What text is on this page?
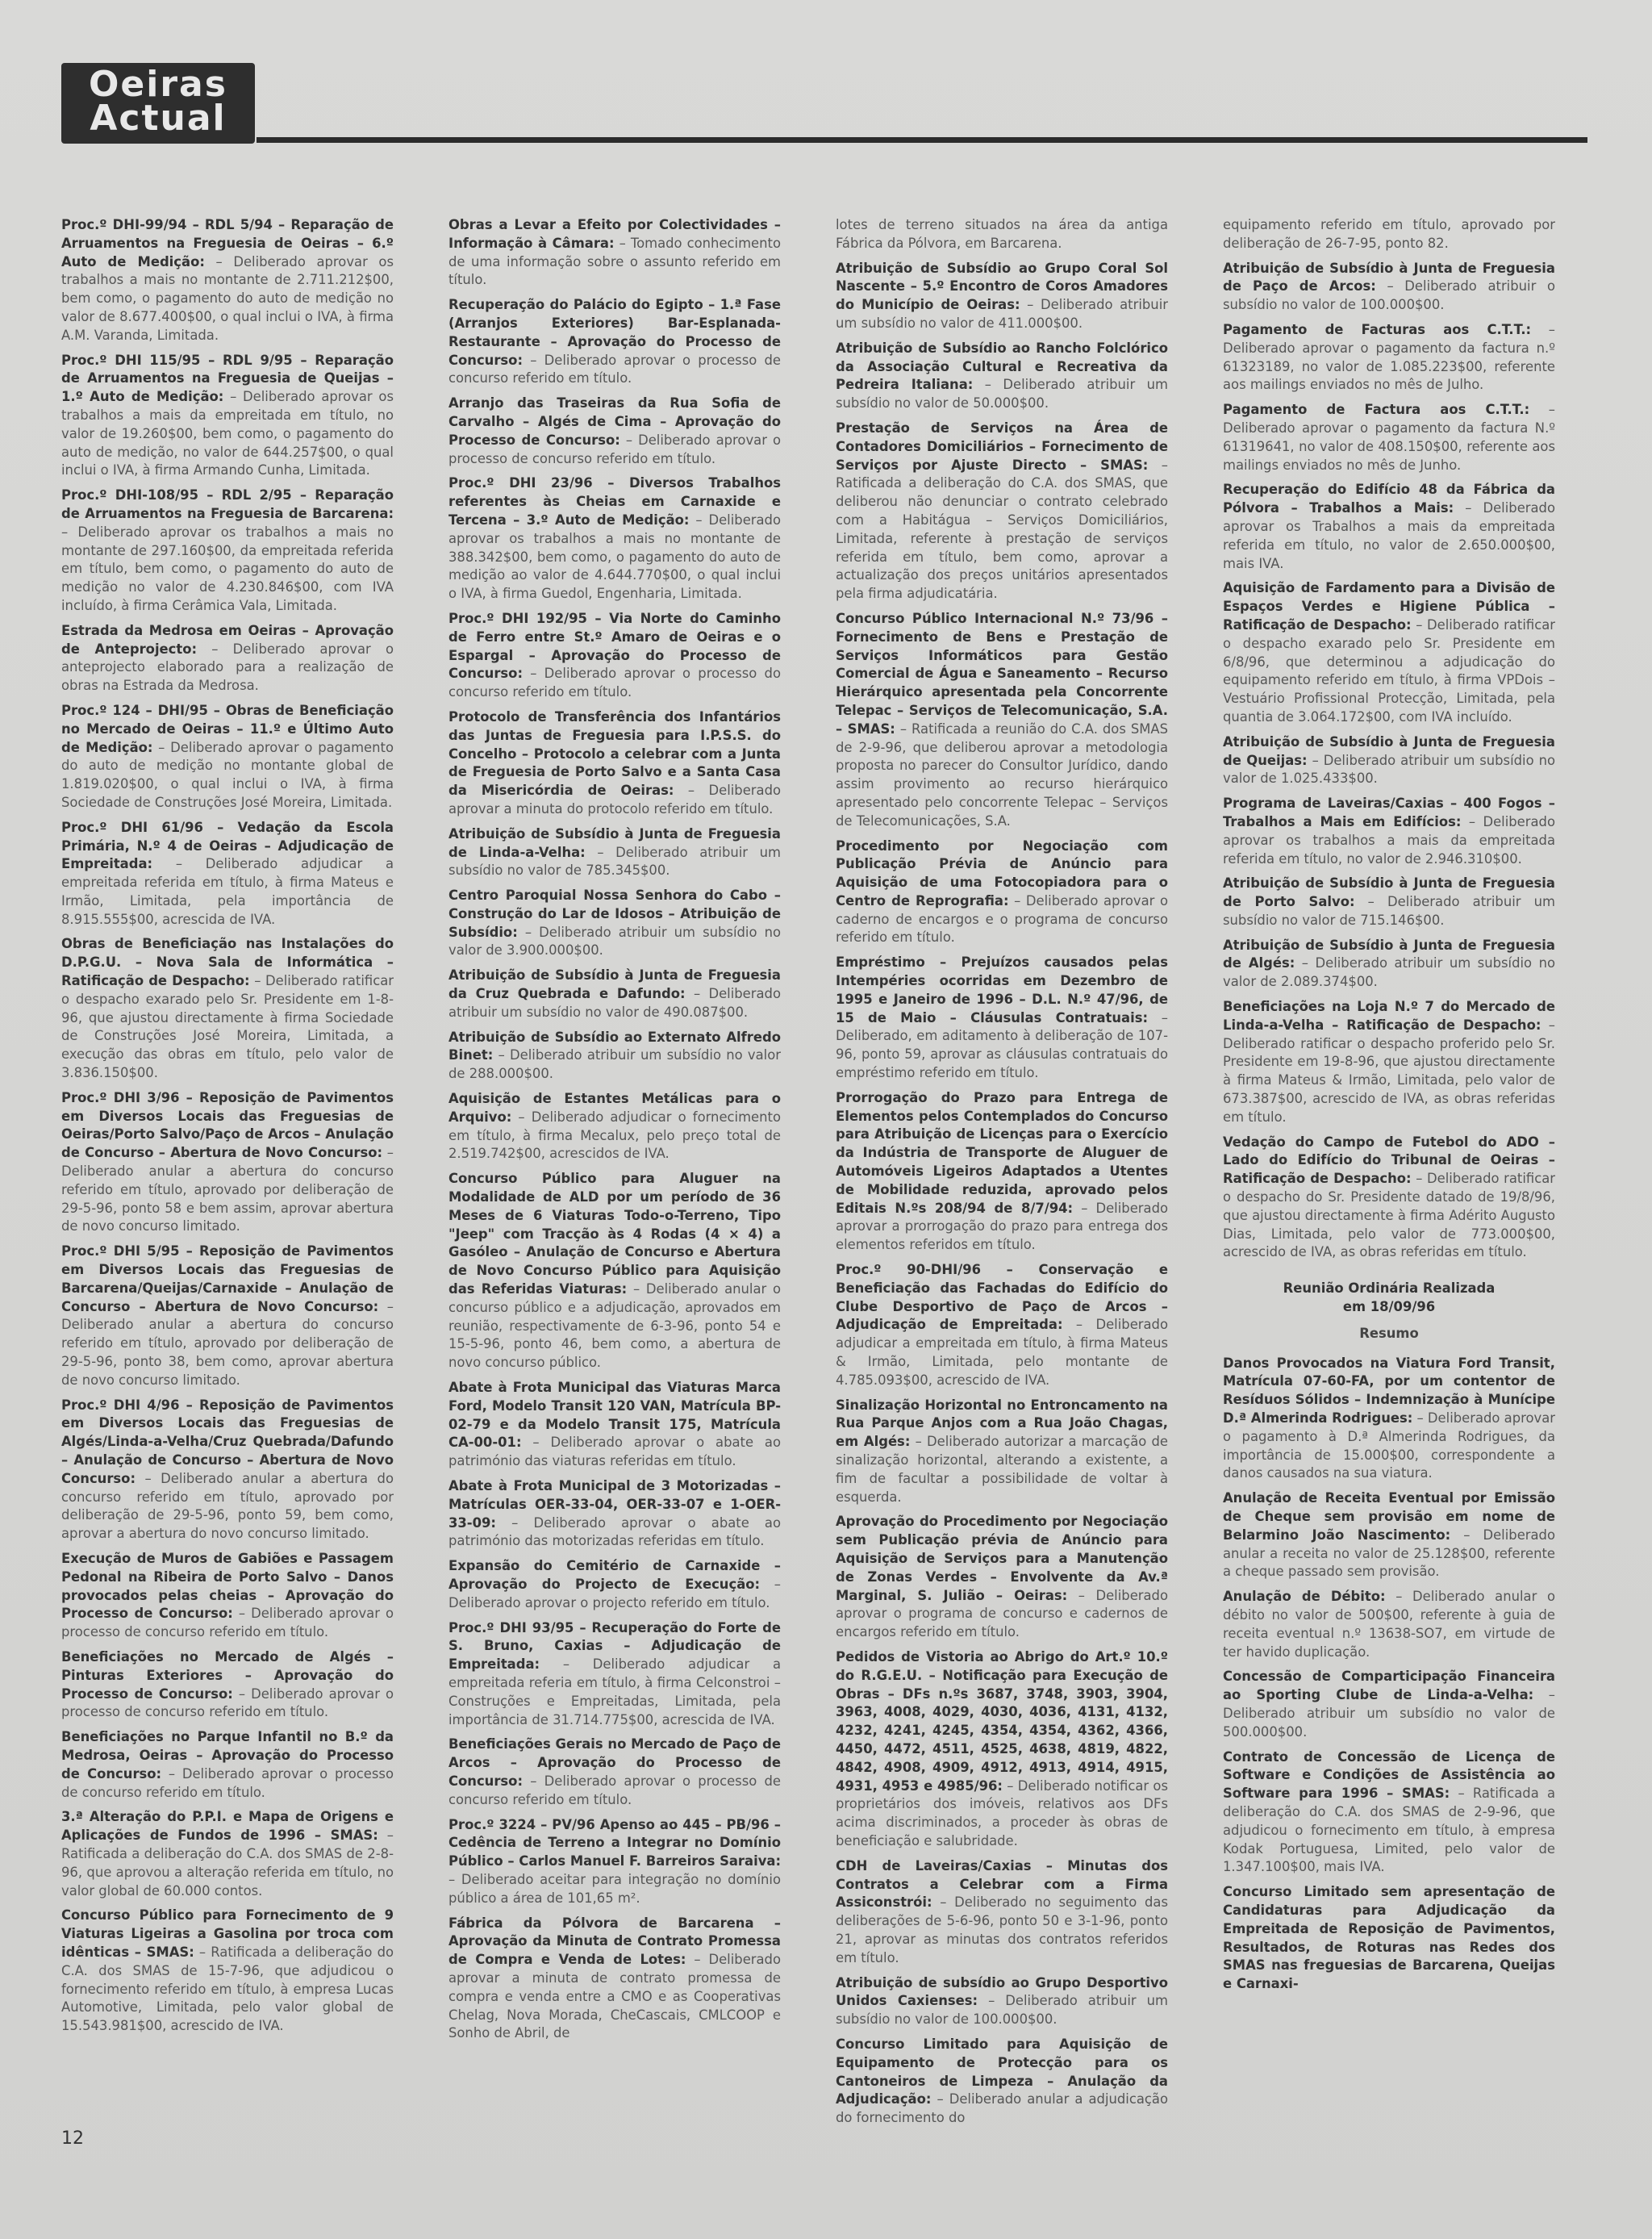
Oeiras
Actual

Proc.º DHI-99/94 – RDL 5/94 – Reparação de Arruamentos na Freguesia de Oeiras – 6.º Auto de Medição: – Deliberado aprovar os trabalhos a mais no montante de 2.711.212$00, bem como, o pagamento do auto de medição no valor de 8.677.400$00, o qual inclui o IVA, à firma A.M. Varanda, Limitada.

Proc.º DHI 115/95 – RDL 9/95 – Reparação de Arruamentos na Freguesia de Queijas – 1.º Auto de Medição: – Deliberado aprovar os trabalhos a mais da empreitada em título, no valor de 19.260$00, bem como, o pagamento do auto de medição, no valor de 644.257$00, o qual inclui o IVA, à firma Armando Cunha, Limitada.

Proc.º DHI-108/95 – RDL 2/95 – Reparação de Arruamentos na Freguesia de Barcarena: – Deliberado aprovar os trabalhos a mais no montante de 297.160$00, da empreitada referida em título, bem como, o pagamento do auto de medição no valor de 4.230.846$00, com IVA incluído, à firma Cerâmica Vala, Limitada.

Estrada da Medrosa em Oeiras – Aprovação de Anteprojecto: – Deliberado aprovar o anteprojecto elaborado para a realização de obras na Estrada da Medrosa.

Proc.º 124 – DHI/95 – Obras de Beneficiação no Mercado de Oeiras – 11.º e Último Auto de Medição: – Deliberado aprovar o pagamento do auto de medição no montante global de 1.819.020$00, o qual inclui o IVA, à firma Sociedade de Construções José Moreira, Limitada.

Proc.º DHI 61/96 – Vedação da Escola Primária, N.º 4 de Oeiras – Adjudicação de Empreitada: – Deliberado adjudicar a empreitada referida em título, à firma Mateus e Irmão, Limitada, pela importância de 8.915.555$00, acrescida de IVA.

Obras de Beneficiação nas Instalações do D.P.G.U. – Nova Sala de Informática – Ratificação de Despacho: – Deliberado ratificar o despacho exarado pelo Sr. Presidente em 1-8-96, que ajustou directamente à firma Sociedade de Construções José Moreira, Limitada, a execução das obras em título, pelo valor de 3.836.150$00.

Proc.º DHI 3/96 – Reposição de Pavimentos em Diversos Locais das Freguesias de Oeiras/Porto Salvo/Paço de Arcos – Anulação de Concurso – Abertura de Novo Concurso: – Deliberado anular a abertura do concurso referido em título, aprovado por deliberação de 29-5-96, ponto 58 e bem assim, aprovar abertura de novo concurso limitado.

Proc.º DHI 5/95 – Reposição de Pavimentos em Diversos Locais das Freguesias de Barcarena/Queijas/Carnaxide – Anulação de Concurso – Abertura de Novo Concurso: – Deliberado anular a abertura do concurso referido em título, aprovado por deliberação de 29-5-96, ponto 38, bem como, aprovar abertura de novo concurso limitado.

Proc.º DHI 4/96 – Reposição de Pavimentos em Diversos Locais das Freguesias de Algés/Linda-a-Velha/Cruz Quebrada/Dafundo – Anulação de Concurso – Abertura de Novo Concurso: – Deliberado anular a abertura do concurso referido em título, aprovado por deliberação de 29-5-96, ponto 59, bem como, aprovar a abertura do novo concurso limitado.

Execução de Muros de Gabiões e Passagem Pedonal na Ribeira de Porto Salvo – Danos provocados pelas cheias – Aprovação do Processo de Concurso: – Deliberado aprovar o processo de concurso referido em título.

Beneficiações no Mercado de Algés – Pinturas Exteriores – Aprovação do Processo de Concurso: – Deliberado aprovar o processo de concurso referido em título.

Beneficiações no Parque Infantil no B.º da Medrosa, Oeiras – Aprovação do Processo de Concurso: – Deliberado aprovar o processo de concurso referido em título.

3.ª Alteração do P.P.I. e Mapa de Origens e Aplicações de Fundos de 1996 – SMAS: – Ratificada a deliberação do C.A. dos SMAS de 2-8-96, que aprovou a alteração referida em título, no valor global de 60.000 contos.

Concurso Público para Fornecimento de 9 Viaturas Ligeiras a Gasolina por troca com idênticas – SMAS: – Ratificada a deliberação do C.A. dos SMAS de 15-7-96, que adjudicou o fornecimento referido em título, à empresa Lucas Automotive, Limitada, pelo valor global de 15.543.981$00, acrescido de IVA.

Obras a Levar a Efeito por Colectividades – Informação à Câmara: – Tomado conhecimento de uma informação sobre o assunto referido em título.

Recuperação do Palácio do Egipto – 1.ª Fase (Arranjos Exteriores) Bar-Esplanada-Restaurante – Aprovação do Processo de Concurso: – Deliberado aprovar o processo de concurso referido em título.

Arranjo das Traseiras da Rua Sofia de Carvalho – Algés de Cima – Aprovação do Processo de Concurso: – Deliberado aprovar o processo de concurso referido em título.

Proc.º DHI 23/96 – Diversos Trabalhos referentes às Cheias em Carnaxide e Tercena – 3.º Auto de Medição: – Deliberado aprovar os trabalhos a mais no montante de 388.342$00, bem como, o pagamento do auto de medição ao valor de 4.644.770$00, o qual inclui o IVA, à firma Guedol, Engenharia, Limitada.

Proc.º DHI 192/95 – Via Norte do Caminho de Ferro entre St.º Amaro de Oeiras e o Espargal – Aprovação do Processo de Concurso: – Deliberado aprovar o processo do concurso referido em título.

Protocolo de Transferência dos Infantários das Juntas de Freguesia para I.P.S.S. do Concelho – Protocolo a celebrar com a Junta de Freguesia de Porto Salvo e a Santa Casa da Misericórdia de Oeiras: – Deliberado aprovar a minuta do protocolo referido em título.

Atribuição de Subsídio à Junta de Freguesia de Linda-a-Velha: – Deliberado atribuir um subsídio no valor de 785.345$00.

Centro Paroquial Nossa Senhora do Cabo – Construção do Lar de Idosos – Atribuição de Subsídio: – Deliberado atribuir um subsídio no valor de 3.900.000$00.

Atribuição de Subsídio à Junta de Freguesia da Cruz Quebrada e Dafundo: – Deliberado atribuir um subsídio no valor de 490.087$00.

Atribuição de Subsídio ao Externato Alfredo Binet: – Deliberado atribuir um subsídio no valor de 288.000$00.

Aquisição de Estantes Metálicas para o Arquivo: – Deliberado adjudicar o fornecimento em título, à firma Mecalux, pelo preço total de 2.519.742$00, acrescidos de IVA.

Concurso Público para Aluguer na Modalidade de ALD por um período de 36 Meses de 6 Viaturas Todo-o-Terreno, Tipo "Jeep" com Tracção às 4 Rodas (4 × 4) a Gasóleo – Anulação de Concurso e Abertura de Novo Concurso Público para Aquisição das Referidas Viaturas: – Deliberado anular o concurso público e a adjudicação, aprovados em reunião, respectivamente de 6-3-96, ponto 54 e 15-5-96, ponto 46, bem como, a abertura de novo concurso público.

Abate à Frota Municipal das Viaturas Marca Ford, Modelo Transit 120 VAN, Matrícula BP-02-79 e da Modelo Transit 175, Matrícula CA-00-01: – Deliberado aprovar o abate ao património das viaturas referidas em título.

Abate à Frota Municipal de 3 Motorizadas – Matrículas OER-33-04, OER-33-07 e 1-OER-33-09: – Deliberado aprovar o abate ao património das motorizadas referidas em título.

Expansão do Cemitério de Carnaxide – Aprovação do Projecto de Execução: – Deliberado aprovar o projecto referido em título.

Proc.º DHI 93/95 – Recuperação do Forte de S. Bruno, Caxias – Adjudicação de Empreitada: – Deliberado adjudicar a empreitada referia em título, à firma Celconstroi – Construções e Empreitadas, Limitada, pela importância de 31.714.775$00, acrescida de IVA.

Beneficiações Gerais no Mercado de Paço de Arcos – Aprovação do Processo de Concurso: – Deliberado aprovar o processo de concurso referido em título.

Proc.º 3224 – PV/96 Apenso ao 445 – PB/96 – Cedência de Terreno a Integrar no Domínio Público – Carlos Manuel F. Barreiros Saraiva: – Deliberado aceitar para integração no domínio público a área de 101,65 m².

Fábrica da Pólvora de Barcarena – Aprovação da Minuta de Contrato Promessa de Compra e Venda de Lotes: – Deliberado aprovar a minuta de contrato promessa de compra e venda entre a CMO e as Cooperativas Chelag, Nova Morada, CheCascais, CMLCOOP e Sonho de Abril, de

lotes de terreno situados na área da antiga Fábrica da Pólvora, em Barcarena.

Atribuição de Subsídio ao Grupo Coral Sol Nascente – 5.º Encontro de Coros Amadores do Município de Oeiras: – Deliberado atribuir um subsídio no valor de 411.000$00.

Atribuição de Subsídio ao Rancho Folclórico da Associação Cultural e Recreativa da Pedreira Italiana: – Deliberado atribuir um subsídio no valor de 50.000$00.

Prestação de Serviços na Área de Contadores Domiciliários – Fornecimento de Serviços por Ajuste Directo – SMAS: – Ratificada a deliberação do C.A. dos SMAS, que deliberou não denunciar o contrato celebrado com a Habitágua – Serviços Domiciliários, Limitada, referente à prestação de serviços referida em título, bem como, aprovar a actualização dos preços unitários apresentados pela firma adjudicatária.

Concurso Público Internacional N.º 73/96 – Fornecimento de Bens e Prestação de Serviços Informáticos para Gestão Comercial de Água e Saneamento – Recurso Hierárquico apresentada pela Concorrente Telepac – Serviços de Telecomunicação, S.A. – SMAS: – Ratificada a reunião do C.A. dos SMAS de 2-9-96, que deliberou aprovar a metodologia proposta no parecer do Consultor Jurídico, dando assim provimento ao recurso hierárquico apresentado pelo concorrente Telepac – Serviços de Telecomunicações, S.A.

Procedimento por Negociação com Publicação Prévia de Anúncio para Aquisição de uma Fotocopiadora para o Centro de Reprografia: – Deliberado aprovar o caderno de encargos e o programa de concurso referido em título.

Empréstimo – Prejuízos causados pelas Intempéries ocorridas em Dezembro de 1995 e Janeiro de 1996 – D.L. N.º 47/96, de 15 de Maio – Cláusulas Contratuais: – Deliberado, em aditamento à deliberação de 107-96, ponto 59, aprovar as cláusulas contratuais do empréstimo referido em título.

Prorrogação do Prazo para Entrega de Elementos pelos Contemplados do Concurso para Atribuição de Licenças para o Exercício da Indústria de Transporte de Aluguer de Automóveis Ligeiros Adaptados a Utentes de Mobilidade reduzida, aprovado pelos Editais N.ºs 208/94 de 8/7/94: – Deliberado aprovar a prorrogação do prazo para entrega dos elementos referidos em título.

Proc.º 90-DHI/96 – Conservação e Beneficiação das Fachadas do Edifício do Clube Desportivo de Paço de Arcos – Adjudicação de Empreitada: – Deliberado adjudicar a empreitada em título, à firma Mateus & Irmão, Limitada, pelo montante de 4.785.093$00, acrescido de IVA.

Sinalização Horizontal no Entroncamento na Rua Parque Anjos com a Rua João Chagas, em Algés: – Deliberado autorizar a marcação de sinalização horizontal, alterando a existente, a fim de facultar a possibilidade de voltar à esquerda.

Aprovação do Procedimento por Negociação sem Publicação prévia de Anúncio para Aquisição de Serviços para a Manutenção de Zonas Verdes – Envolvente da Av.ª Marginal, S. Julião – Oeiras: – Deliberado aprovar o programa de concurso e cadernos de encargos referido em título.

Pedidos de Vistoria ao Abrigo do Art.º 10.º do R.G.E.U. – Notificação para Execução de Obras – DFs n.ºs 3687, 3748, 3903, 3904, 3963, 4008, 4029, 4030, 4036, 4131, 4132, 4232, 4241, 4245, 4354, 4354, 4362, 4366, 4450, 4472, 4511, 4525, 4638, 4819, 4822, 4842, 4908, 4909, 4912, 4913, 4914, 4915, 4931, 4953 e 4985/96: – Deliberado notificar os proprietários dos imóveis, relativos aos DFs acima discriminados, a proceder às obras de beneficiação e salubridade.

CDH de Laveiras/Caxias – Minutas dos Contratos a Celebrar com a Firma Assiconstrói: – Deliberado no seguimento das deliberações de 5-6-96, ponto 50 e 3-1-96, ponto 21, aprovar as minutas dos contratos referidos em título.

Atribuição de subsídio ao Grupo Desportivo Unidos Caxienses: – Deliberado atribuir um subsídio no valor de 100.000$00.

Concurso Limitado para Aquisição de Equipamento de Protecção para os Cantoneiros de Limpeza – Anulação da Adjudicação: – Deliberado anular a adjudicação do fornecimento do

equipamento referido em título, aprovado por deliberação de 26-7-95, ponto 82.

Atribuição de Subsídio à Junta de Freguesia de Paço de Arcos: – Deliberado atribuir o subsídio no valor de 100.000$00.

Pagamento de Facturas aos C.T.T.: – Deliberado aprovar o pagamento da factura n.º 61323189, no valor de 1.085.223$00, referente aos mailings enviados no mês de Julho.

Pagamento de Factura aos C.T.T.: – Deliberado aprovar o pagamento da factura N.º 61319641, no valor de 408.150$00, referente aos mailings enviados no mês de Junho.

Recuperação do Edifício 48 da Fábrica da Pólvora – Trabalhos a Mais: – Deliberado aprovar os Trabalhos a mais da empreitada referida em título, no valor de 2.650.000$00, mais IVA.

Aquisição de Fardamento para a Divisão de Espaços Verdes e Higiene Pública – Ratificação de Despacho: – Deliberado ratificar o despacho exarado pelo Sr. Presidente em 6/8/96, que determinou a adjudicação do equipamento referido em título, à firma VPDois – Vestuário Profissional Protecção, Limitada, pela quantia de 3.064.172$00, com IVA incluído.

Atribuição de Subsídio à Junta de Freguesia de Queijas: – Deliberado atribuir um subsídio no valor de 1.025.433$00.

Programa de Laveiras/Caxias – 400 Fogos – Trabalhos a Mais em Edifícios: – Deliberado aprovar os trabalhos a mais da empreitada referida em título, no valor de 2.946.310$00.

Atribuição de Subsídio à Junta de Freguesia de Porto Salvo: – Deliberado atribuir um subsídio no valor de 715.146$00.

Atribuição de Subsídio à Junta de Freguesia de Algés: – Deliberado atribuir um subsídio no valor de 2.089.374$00.

Beneficiações na Loja N.º 7 do Mercado de Linda-a-Velha – Ratificação de Despacho: – Deliberado ratificar o despacho proferido pelo Sr. Presidente em 19-8-96, que ajustou directamente à firma Mateus & Irmão, Limitada, pelo valor de 673.387$00, acrescido de IVA, as obras referidas em título.

Vedação do Campo de Futebol do ADO – Lado do Edifício do Tribunal de Oeiras – Ratificação de Despacho: – Deliberado ratificar o despacho do Sr. Presidente datado de 19/8/96, que ajustou directamente à firma Adérito Augusto Dias, Limitada, pelo valor de 773.000$00, acrescido de IVA, as obras referidas em título.

Reunião Ordinária Realizada
em 18/09/96
Resumo

Danos Provocados na Viatura Ford Transit, Matrícula 07-60-FA, por um contentor de Resíduos Sólidos – Indemnização à Munícipe D.ª Almerinda Rodrigues: – Deliberado aprovar o pagamento à D.ª Almerinda Rodrigues, da importância de 15.000$00, correspondente a danos causados na sua viatura.

Anulação de Receita Eventual por Emissão de Cheque sem provisão em nome de Belarmino João Nascimento: – Deliberado anular a receita no valor de 25.128$00, referente a cheque passado sem provisão.

Anulação de Débito: – Deliberado anular o débito no valor de 500$00, referente à guia de receita eventual n.º 13638-SO7, em virtude de ter havido duplicação.

Concessão de Comparticipação Financeira ao Sporting Clube de Linda-a-Velha: – Deliberado atribuir um subsídio no valor de 500.000$00.

Contrato de Concessão de Licença de Software e Condições de Assistência ao Software para 1996 – SMAS: – Ratificada a deliberação do C.A. dos SMAS de 2-9-96, que adjudicou o fornecimento em título, à empresa Kodak Portuguesa, Limited, pelo valor de 1.347.100$00, mais IVA.

Concurso Limitado sem apresentação de Candidaturas para Adjudicação da Empreitada de Reposição de Pavimentos, Resultados, de Roturas nas Redes dos SMAS nas freguesias de Barcarena, Queijas e Carnaxi-

12
